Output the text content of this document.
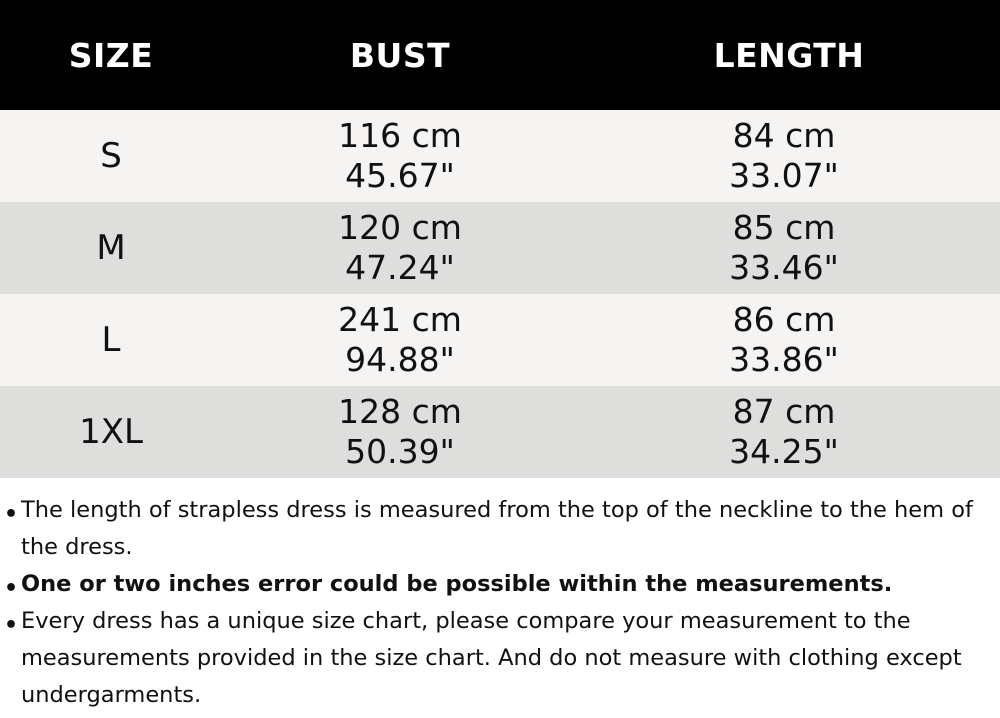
SIZE	BUST	LENGTH
S
116 cm
45.67"
84 cm
33.07"
M
120 cm
47.24"
85 cm
33.46"
L
241 cm
94.88"
86 cm
33.86"
1XL
128 cm
50.39"
87 cm
34.25"
• The length of strapless dress is measured from the top of the neckline to the hem of the dress.
• One or two inches error could be possible within the measurements.
• Every dress has a unique size chart, please compare your measurement to the measurements provided in the size chart. And do not measure with clothing except undergarments.
